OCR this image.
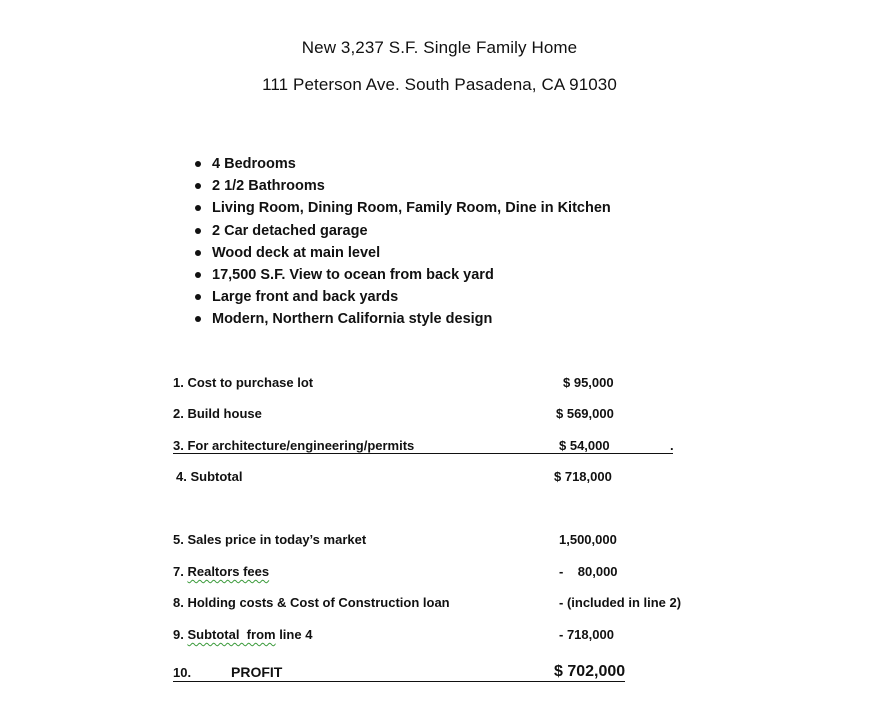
New 3,237 S.F. Single Family Home
111 Peterson Ave. South Pasadena, CA 91030
4 Bedrooms
2 1/2 Bathrooms
Living Room, Dining Room, Family Room, Dine in Kitchen
2 Car detached garage
Wood deck at main level
17,500 S.F. View to ocean from back yard
Large front and back yards
Modern, Northern California style design
1. Cost to purchase lot	$ 95,000
2. Build house	$ 569,000
3. For architecture/engineering/permits	$ 54,000	.
4. Subtotal	$ 718,000
5. Sales price in today’s market	1,500,000
7. Realtors fees	-    80,000
8. Holding costs & Cost of Construction loan	- (included in line 2)
9. Subtotal  from line 4	- 718,000
10.	PROFIT	$ 702,000
